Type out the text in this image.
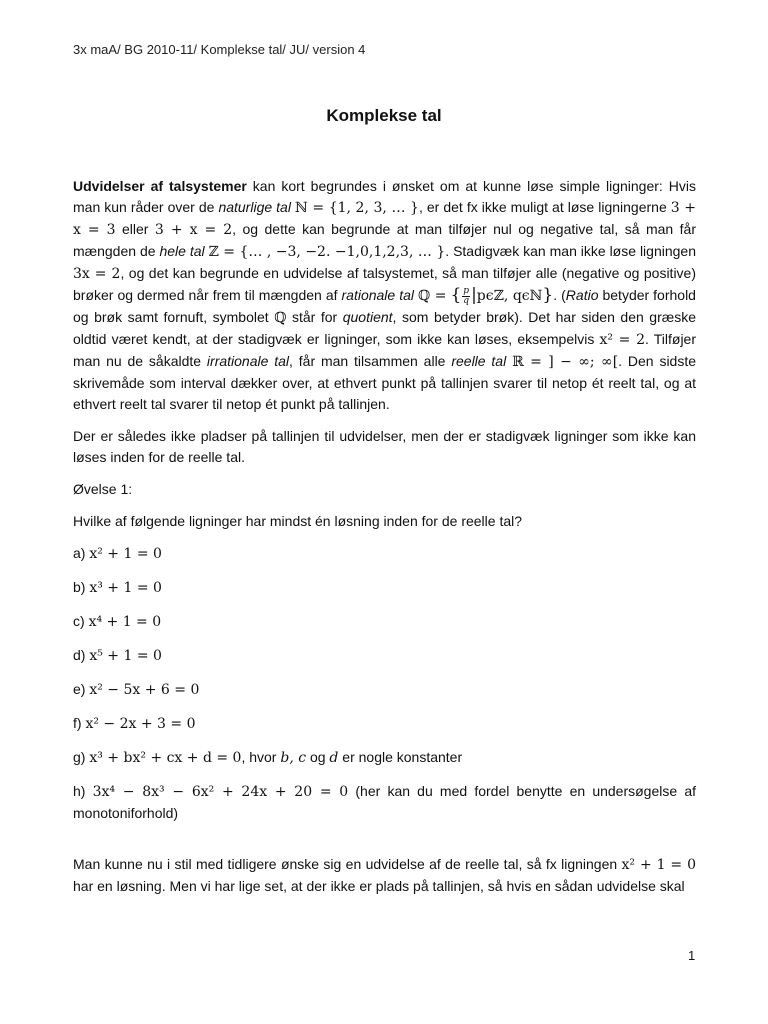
3x maA/ BG 2010-11/ Komplekse tal/ JU/ version 4
Komplekse tal

Udvidelser af talsystemer kan kort begrundes i ønsket om at kunne løse simple ligninger: Hvis man kun råder over de naturlige tal ℕ = {1, 2, 3, … }, er det fx ikke muligt at løse ligningerne 3 + x = 3 eller 3 + x = 2, og dette kan begrunde at man tilføjer nul og negative tal, så man får mængden de hele tal ℤ = {… , −3, −2. −1,0,1,2,3, … }. Stadigvæk kan man ikke løse ligningen 3x = 2, og det kan begrunde en udvidelse af talsystemet, så man tilføjer alle (negative og positive) brøker og dermed når frem til mængden af rationale tal ℚ = { $\frac{p}{q}$ |pϵℤ, qϵℕ}. (Ratio betyder forhold og brøk samt fornuft, symbolet ℚ står for quotient, som betyder brøk). Det har siden den græske oldtid været kendt, at der stadigvæk er ligninger, som ikke kan løses, eksempelvis x² = 2. Tilføjer man nu de såkaldte irrationale tal, får man tilsammen alle reelle tal ℝ = ] − ∞; ∞[. Den sidste skrivemåde som interval dækker over, at ethvert punkt på tallinjen svarer til netop ét reelt tal, og at ethvert reelt tal svarer til netop ét punkt på tallinjen.

Der er således ikke pladser på tallinjen til udvidelser, men der er stadigvæk ligninger som ikke kan løses inden for de reelle tal.

Øvelse 1:

Hvilke af følgende ligninger har mindst én løsning inden for de reelle tal?

a) x² + 1 = 0

b) x³ + 1 = 0

c) x⁴ + 1 = 0

d) x⁵ + 1 = 0

e) x² − 5x + 6 = 0

f) x² − 2x + 3 = 0

g) x³ + bx² + cx + d = 0, hvor b, c og d er nogle konstanter

h) 3x⁴ − 8x³ − 6x² + 24x + 20 = 0 (her kan du med fordel benytte en undersøgelse af monotoniforhold)

Man kunne nu i stil med tidligere ønske sig en udvidelse af de reelle tal, så fx ligningen x² + 1 = 0 har en løsning. Men vi har lige set, at der ikke er plads på tallinjen, så hvis en sådan udvidelse skal

1
